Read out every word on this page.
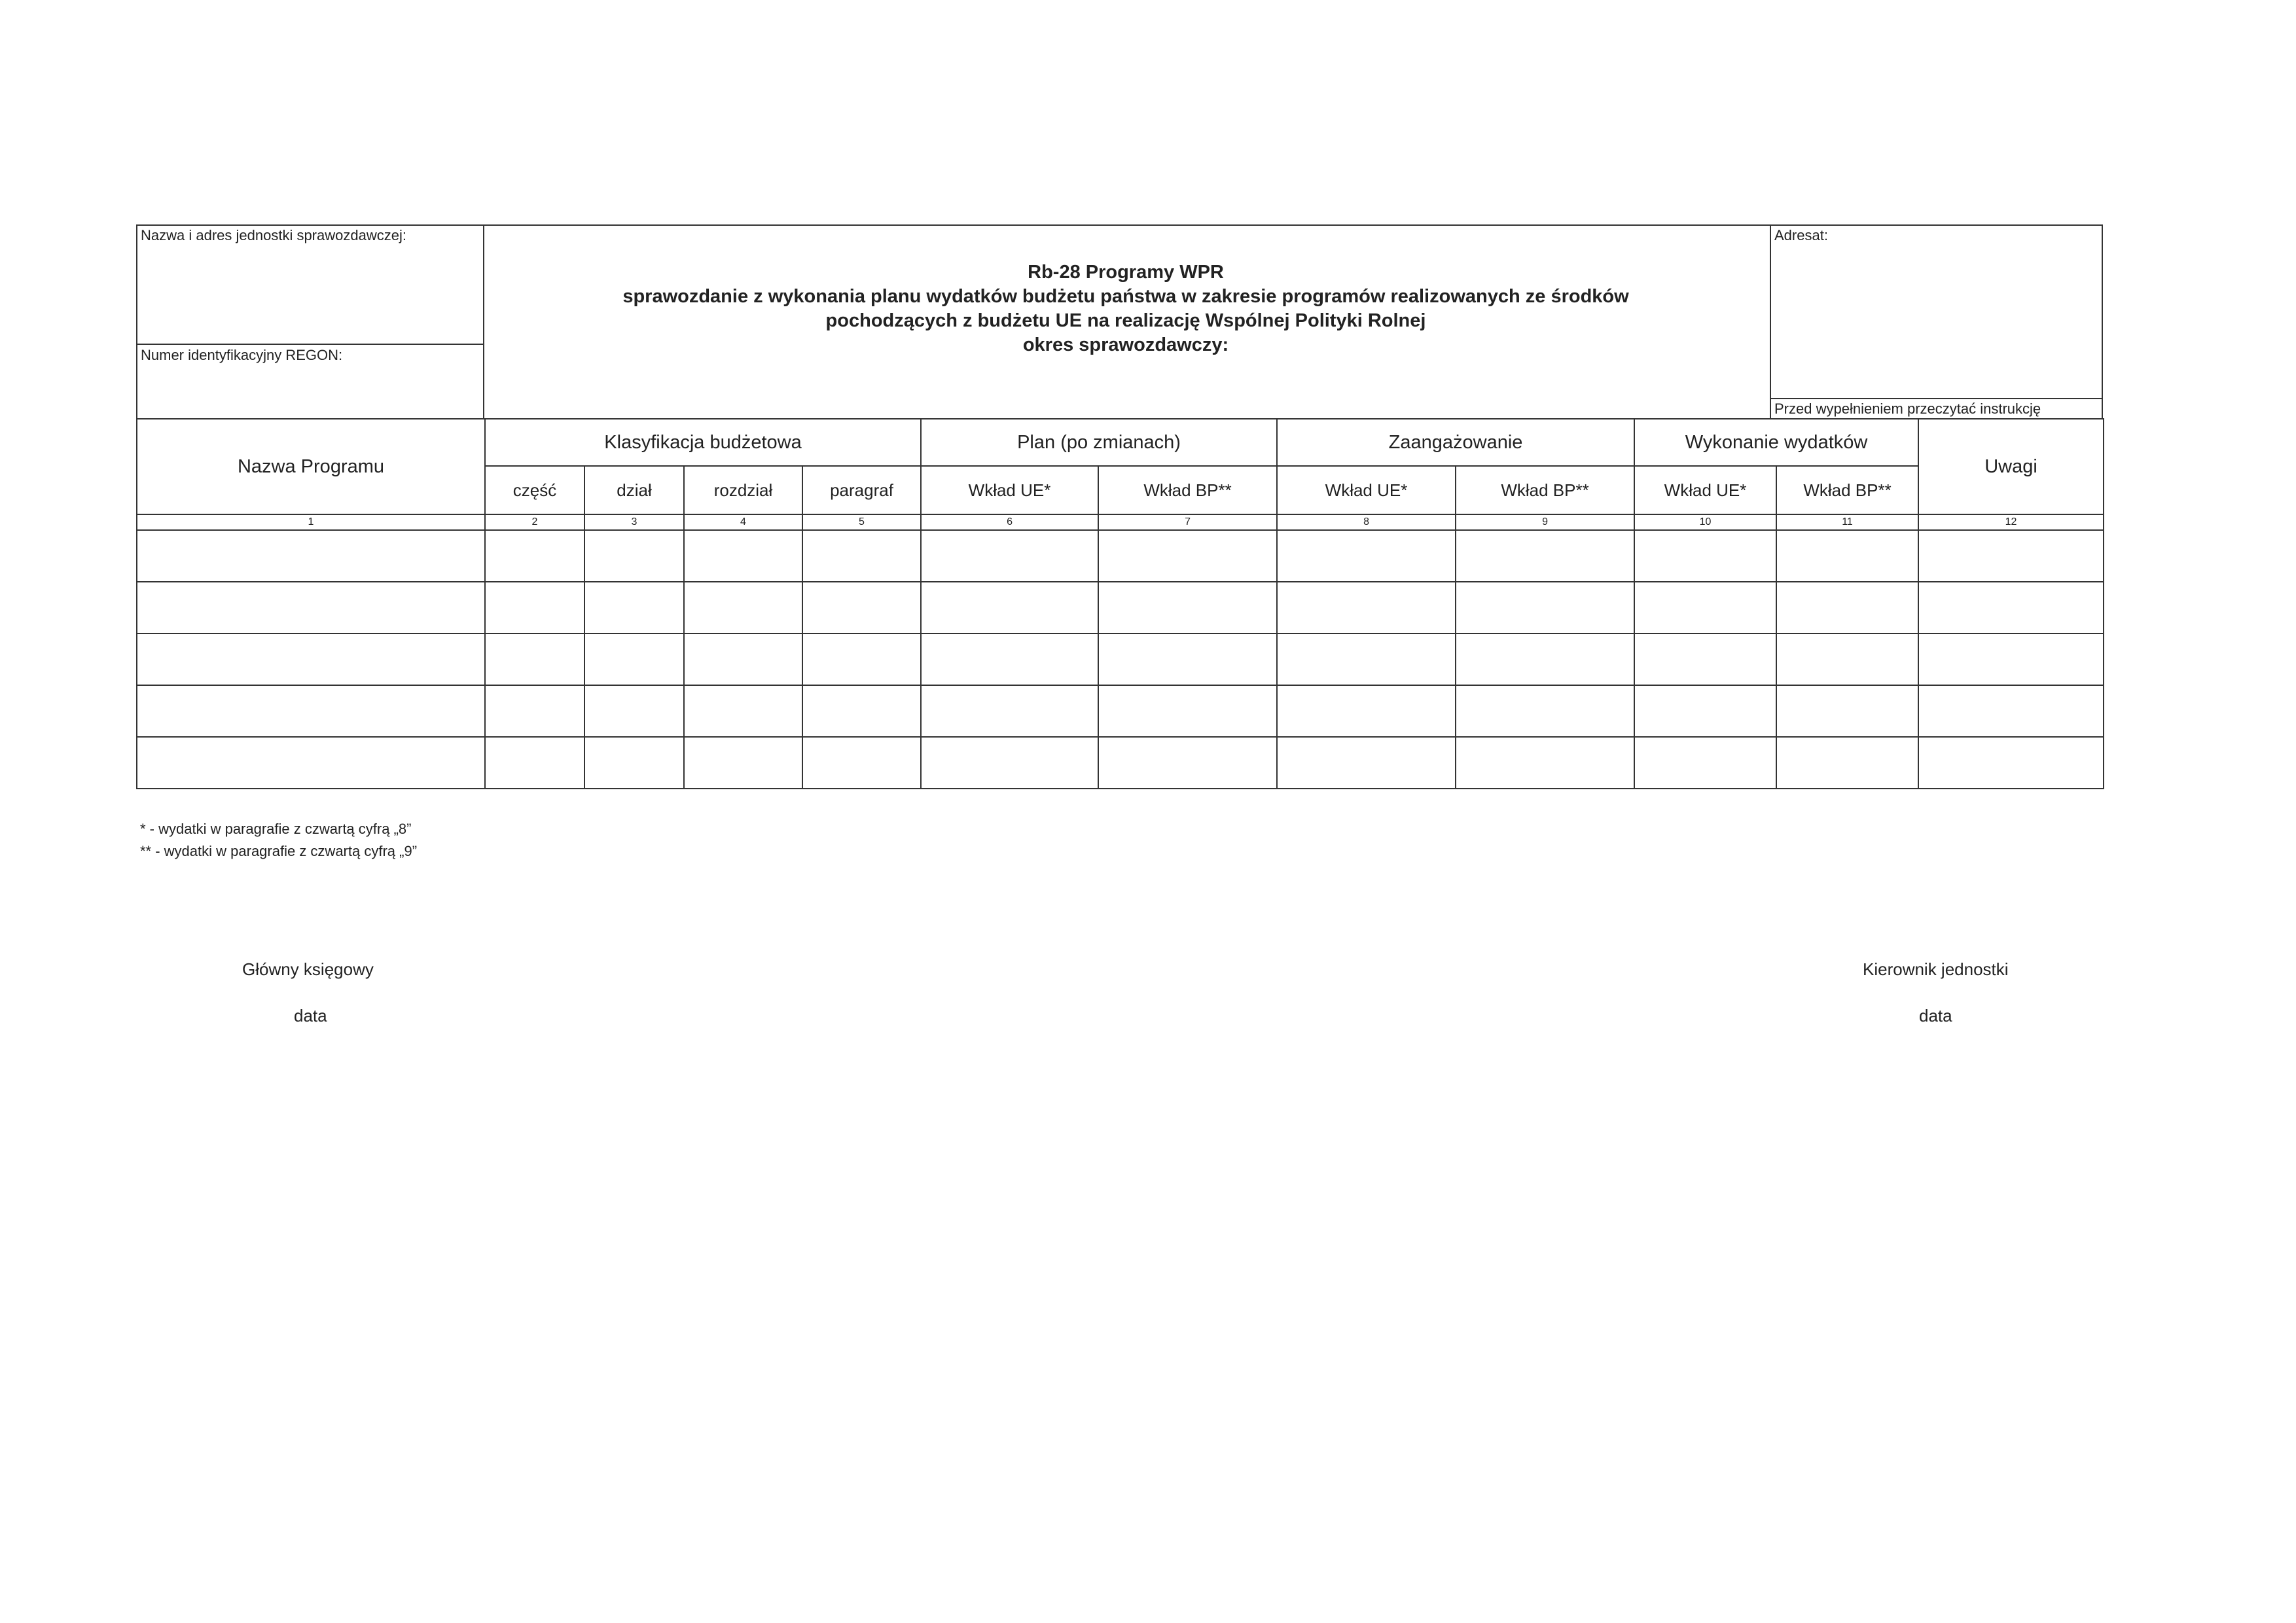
Nazwa i adres jednostki sprawozdawczej:
Numer identyfikacyjny REGON:
Rb-28 Programy WPR
sprawozdanie z wykonania planu wydatków budżetu państwa w zakresie programów realizowanych ze środków
pochodzących z budżetu UE na realizację Wspólnej Polityki Rolnej
okres sprawozdawczy:
Adresat:
Przed wypełnieniem przeczytać instrukcję
Nazwa Programu	Klasyfikacja budżetowa				Plan (po zmianach)		Zaangażowanie		Wykonanie wydatków		Uwagi
	część	dział	rozdział	paragraf	Wkład UE*	Wkład BP**	Wkład UE*	Wkład BP**	Wkład UE*	Wkład BP**	
1	2	3	4	5	6	7	8	9	10	11	12

* - wydatki w paragrafie z czwartą cyfrą „8”
** - wydatki w paragrafie z czwartą cyfrą „9”
Główny księgowy
data
Kierownik jednostki
data
